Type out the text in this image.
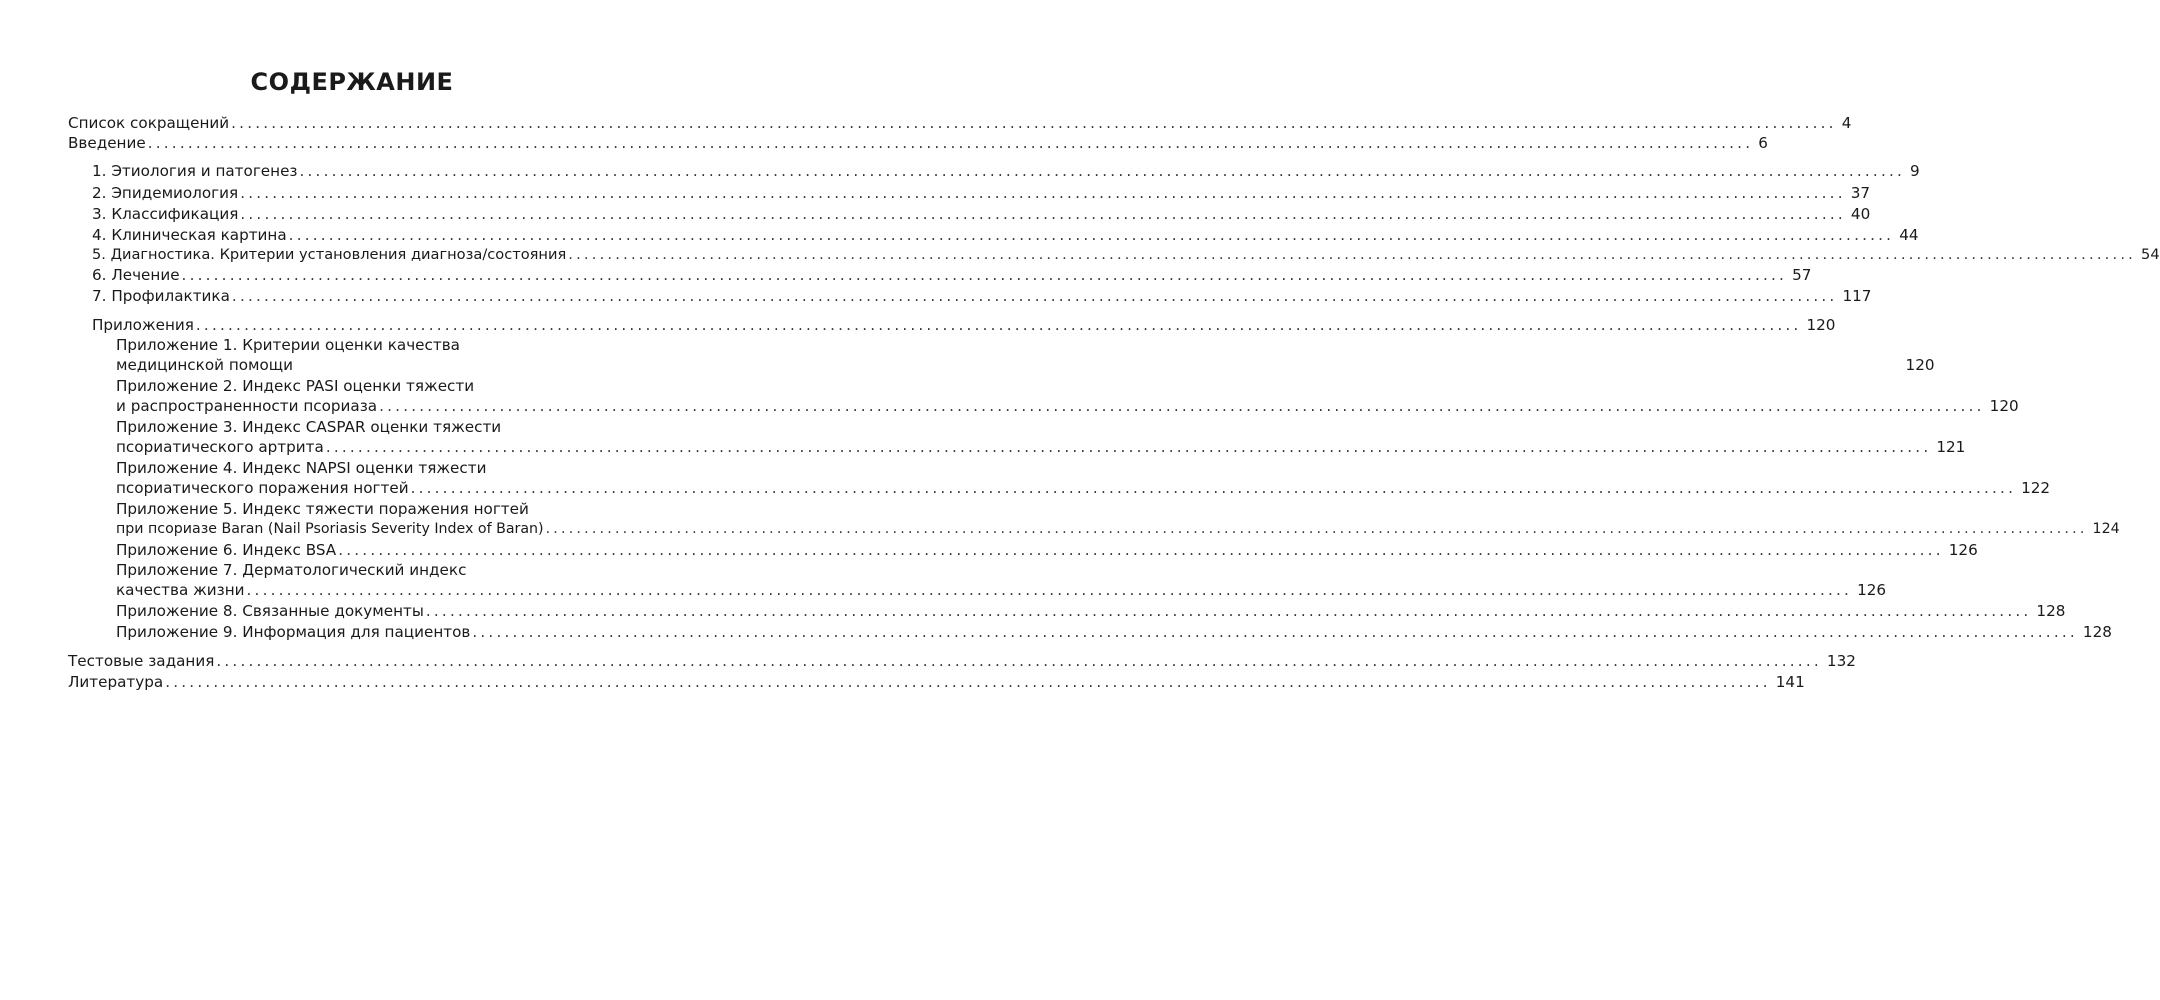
СОДЕРЖАНИЕ
Список сокращений ........................................................................................................................................................................................................ 4
Введение ........................................................................................................................................................................................................ 6
1. Этиология и патогенез ........................................................................................................................................................................................................ 9
2. Эпидемиология ........................................................................................................................................................................................................ 37
3. Классификация ........................................................................................................................................................................................................ 40
4. Клиническая картина ........................................................................................................................................................................................................ 44
5. Диагностика. Критерии установления диагноза/состояния ........................................................................................................................................................................................................ 54
6. Лечение ........................................................................................................................................................................................................ 57
7. Профилактика ........................................................................................................................................................................................................ 117
Приложения ........................................................................................................................................................................................................ 120
Приложение 1. Критерии оценки качества
медицинской помощи	120
Приложение 2. Индекс PASI оценки тяжести
и распространенности псориаза ........................................................................................................................................................................................................ 120
Приложение 3. Индекс CASPAR оценки тяжести
псориатического артрита ........................................................................................................................................................................................................ 121
Приложение 4. Индекс NAPSI оценки тяжести
псориатического поражения ногтей ........................................................................................................................................................................................................ 122
Приложение 5. Индекс тяжести поражения ногтей
при псориазе Baran (Nail Psoriasis Severity Index of Baran) ........................................................................................................................................................................................................ 124
Приложение 6. Индекс BSA ........................................................................................................................................................................................................ 126
Приложение 7. Дерматологический индекс
качества жизни ........................................................................................................................................................................................................ 126
Приложение 8. Связанные документы ........................................................................................................................................................................................................ 128
Приложение 9. Информация для пациентов ........................................................................................................................................................................................................ 128
Тестовые задания ........................................................................................................................................................................................................ 132
Литература ........................................................................................................................................................................................................ 141
